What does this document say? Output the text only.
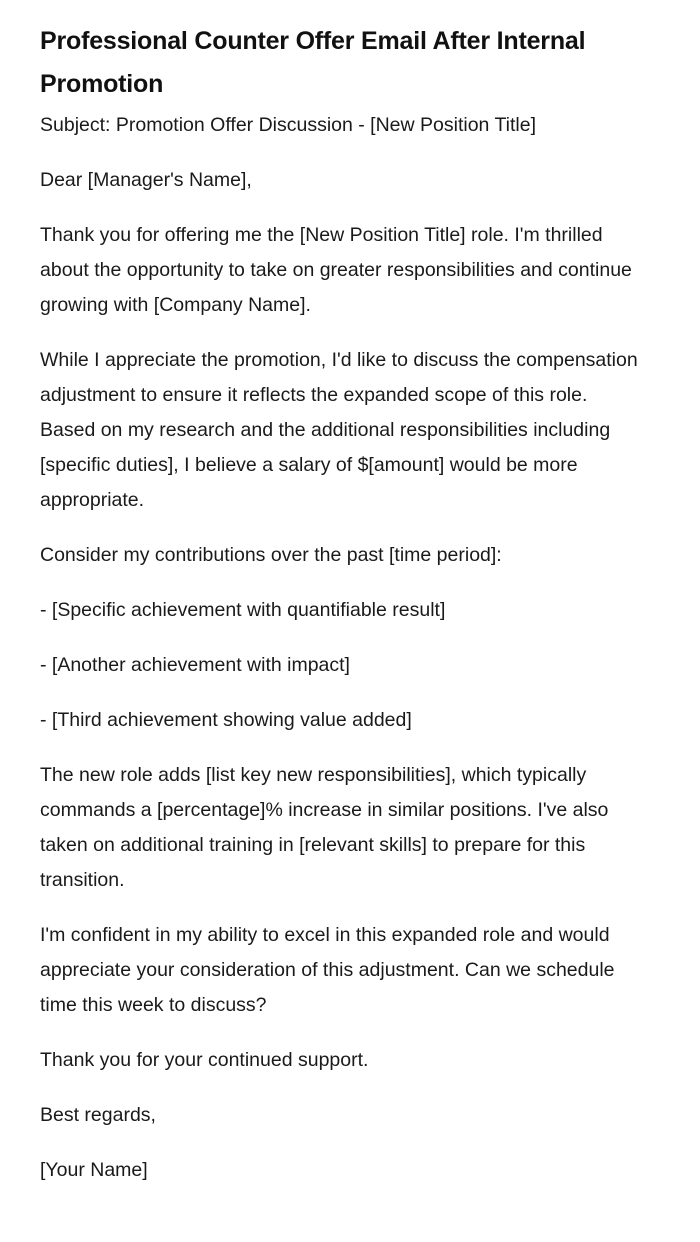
Professional Counter Offer Email After Internal Promotion

Subject: Promotion Offer Discussion - [New Position Title]

Dear [Manager's Name],

Thank you for offering me the [New Position Title] role. I'm thrilled about the opportunity to take on greater responsibilities and continue growing with [Company Name].

While I appreciate the promotion, I'd like to discuss the compensation adjustment to ensure it reflects the expanded scope of this role. Based on my research and the additional responsibilities including [specific duties], I believe a salary of $[amount] would be more appropriate.

Consider my contributions over the past [time period]:

- [Specific achievement with quantifiable result]

- [Another achievement with impact]

- [Third achievement showing value added]

The new role adds [list key new responsibilities], which typically commands a [percentage]% increase in similar positions. I've also taken on additional training in [relevant skills] to prepare for this transition.

I'm confident in my ability to excel in this expanded role and would appreciate your consideration of this adjustment. Can we schedule time this week to discuss?

Thank you for your continued support.

Best regards,

[Your Name]
